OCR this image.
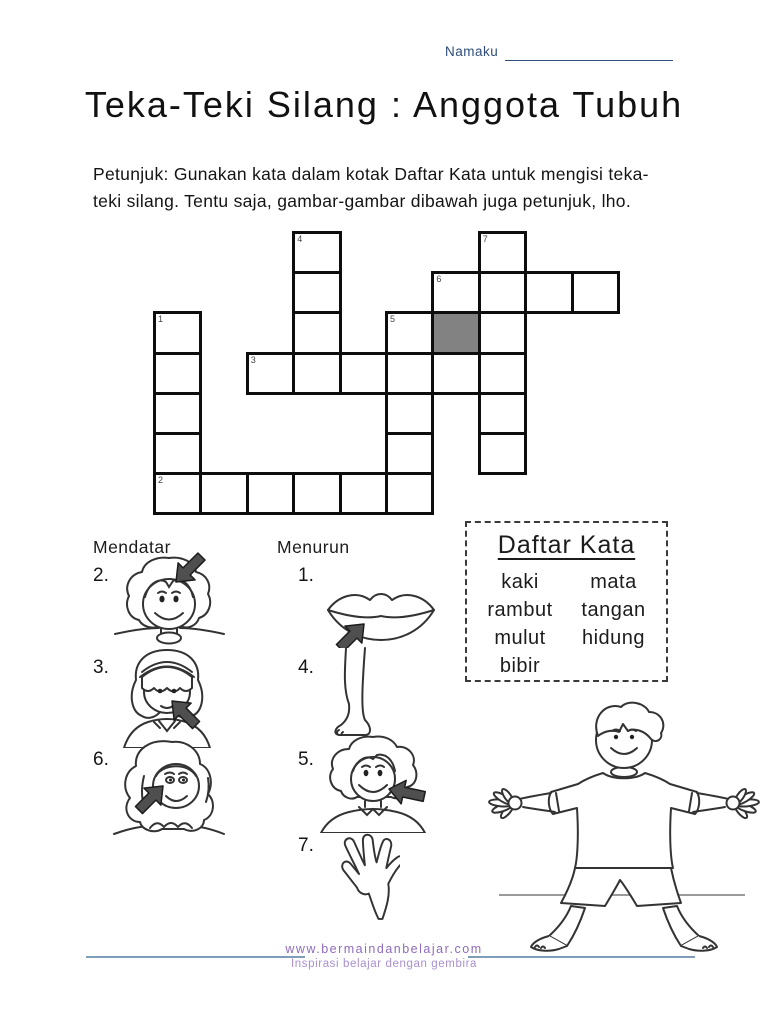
Namaku
Teka-Teki Silang : Anggota Tubuh
Petunjuk: Gunakan kata dalam kotak Daftar Kata untuk mengisi teka-
teki silang. Tentu saja, gambar-gambar dibawah juga petunjuk, lho.
4	7
6
1	5
3
2
Mendatar	Menurun
2.
3.
6.
1.
4.
5.
7.
Daftar Kata
kaki
rambut
mulut
bibir
mata
tangan
hidung
www.bermaindanbelajar.com
Inspirasi belajar dengan gembira
